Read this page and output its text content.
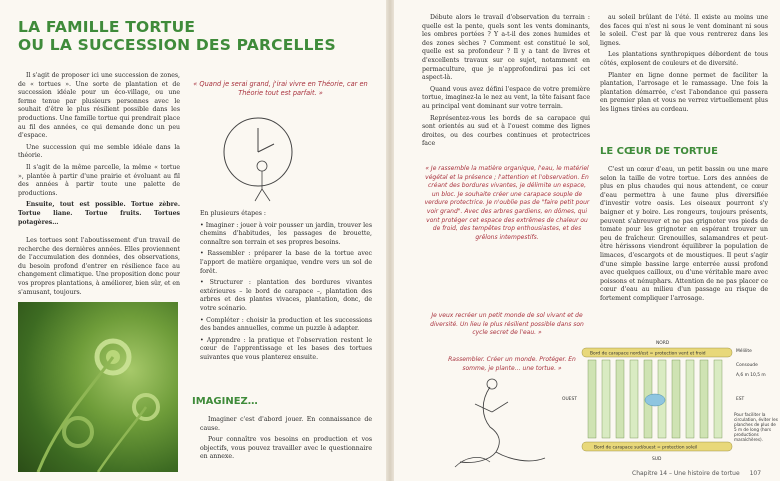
LA FAMILLE TORTUE
OU LA SUCCESSION DES PARCELLES

Il s'agit de proposer ici une succession de zones, de « tortues ». Une sorte de plantation et de succession idéale pour un éco-village, ou une ferme tenue par plusieurs personnes avec le souhait d'être le plus résilient possible dans les productions. Une famille tortue qui prendrait place au fil des années, ce qui demande donc un peu d'espace.

Une succession qui me semble idéale dans la théorie.

Il s'agit de la même parcelle, la même « tortue », plantée à partir d'une prairie et évoluant au fil des années à partir toute une palette de productions.

Ensuite, tout est possible. Tortue zèbre. Tortue liane. Tortue fruits. Tortues potagères…

Les tortues sont l'aboutissement d'un travail de recherche des dernières années. Elles proviennent de l'accumulation des données, des observations, du besoin profond d'entrer en résilience face au changement climatique. Une proposition donc pour vos propres plantations, à améliorer, bien sûr, et en s'amusant, toujours.

« Quand je serai grand, j'irai vivre en Théorie, car en Théorie tout est parfait. »

En plusieurs étapes :

• Imaginer : jouer à voir pousser un jardin, trouver les chemins d'habitudes, les passages de brouette, connaître son terrain et ses propres besoins.

• Rassembler : préparer la base de la tortue avec l'apport de matière organique, vendre vers un sol de forêt.

• Structurer : plantation des bordures vivantes extérieures – le bord de carapace –, plantation des arbres et des plantes vivaces, plantation, donc, de votre scénario.

• Compléter : choisir la production et les successions des bandes annuelles, comme un puzzle à adapter.

• Apprendre : la pratique et l'observation restent le cœur de l'apprentissage et les bases des tortues suivantes que vous planterez ensuite.

IMAGINEZ…

Imaginer c'est d'abord jouer. En connaissance de cause.

Pour connaître vos besoins en production et vos objectifs, vous pouvez travailler avec le questionnaire en annexe.

Débute alors le travail d'observation du terrain : quelle est la pente, quels sont les vents dominants, les ombres portées ? Y a-t-il des zones humides et des zones sèches ? Comment est constitué le sol, quelle est sa profondeur ? Il y a tant de livres et d'excellents travaux sur ce sujet, notamment en permaculture, que je n'approfondirai pas ici cet aspect-là.

Quand vous avez défini l'espace de votre première tortue, imaginez-la le nez au vent, la tête faisant face au principal vent dominant sur votre terrain.

Représentez-vous les bords de sa carapace qui sont orientés au sud et à l'ouest comme des lignes droites, ou des courbes continues et protectrices face

« Je rassemble la matière organique, l'eau, le matériel végétal et la présence ; l'attention et l'observation. En créant des bordures vivantes, je délimite un espace, un bloc. Je souhaite créer une carapace souple de verdure protectrice. Je n'oublie pas de "faire petit pour voir grand". Avec des arbres gardiens, en dômes, qui vont protéger cet espace des extrêmes de chaleur ou de froid, des tempêtes trop enthousiastes, et des grêlons intempestifs.
Je veux recréer un petit monde de sol vivant et de diversité. Un lieu le plus résilient possible dans son cycle secret de l'eau. »
Rassembler. Créer un monde. Protéger. En somme, je plante… une tortue. »

au soleil brûlant de l'été. Il existe au moins une des faces qui n'est ni sous le vent dominant ni sous le soleil. C'est par là que vous rentrerez dans les lignes.

Les plantations synthropiques débordent de tous côtés, explosent de couleurs et de diversité.

Planter en ligne donne permet de faciliter la plantation, l'arrosage et le ramassage. Une fois la plantation démarrée, c'est l'abondance qui passera en premier plan et vous ne verrez virtuellement plus les lignes tirées au cordeau.

LE CŒUR DE TORTUE

C'est un cœur d'eau, un petit bassin ou une mare selon la taille de votre tortue. Lors des années de plus en plus chaudes qui nous attendent, ce cœur d'eau permettra à une faune plus diversifiée d'investir votre oasis. Les oiseaux pourront s'y baigner et y boire. Les rongeurs, toujours présents, peuvent s'abreuver et ne pas grignoter vos pieds de tomate pour les grignoter en espérant trouver un peu de fraîcheur. Grenouilles, salamandres et peut-être hérissons viendront équilibrer la population de limaces, d'escargots et de moustiques. Il peut s'agir d'une simple bassine large enterrée aussi profond avec quelques cailloux, ou d'une véritable mare avec poissons et nénuphars. Attention de ne pas placer ce cœur d'eau au milieu d'un passage au risque de fortement compliquer l'arrosage.

NORD
Bord de carapace nord/est = protection vent et froid
Bord de carapace sud/ouest = protection soleil
SUD
OUEST	EST
Mélilite
Consoude
A,6 m 10,5 m
Pour faciliter la circulation, éviter les planches de plus de 5 m de long (hors productions maraîchères).
Chapitre 14 – Une histoire de tortue 107
